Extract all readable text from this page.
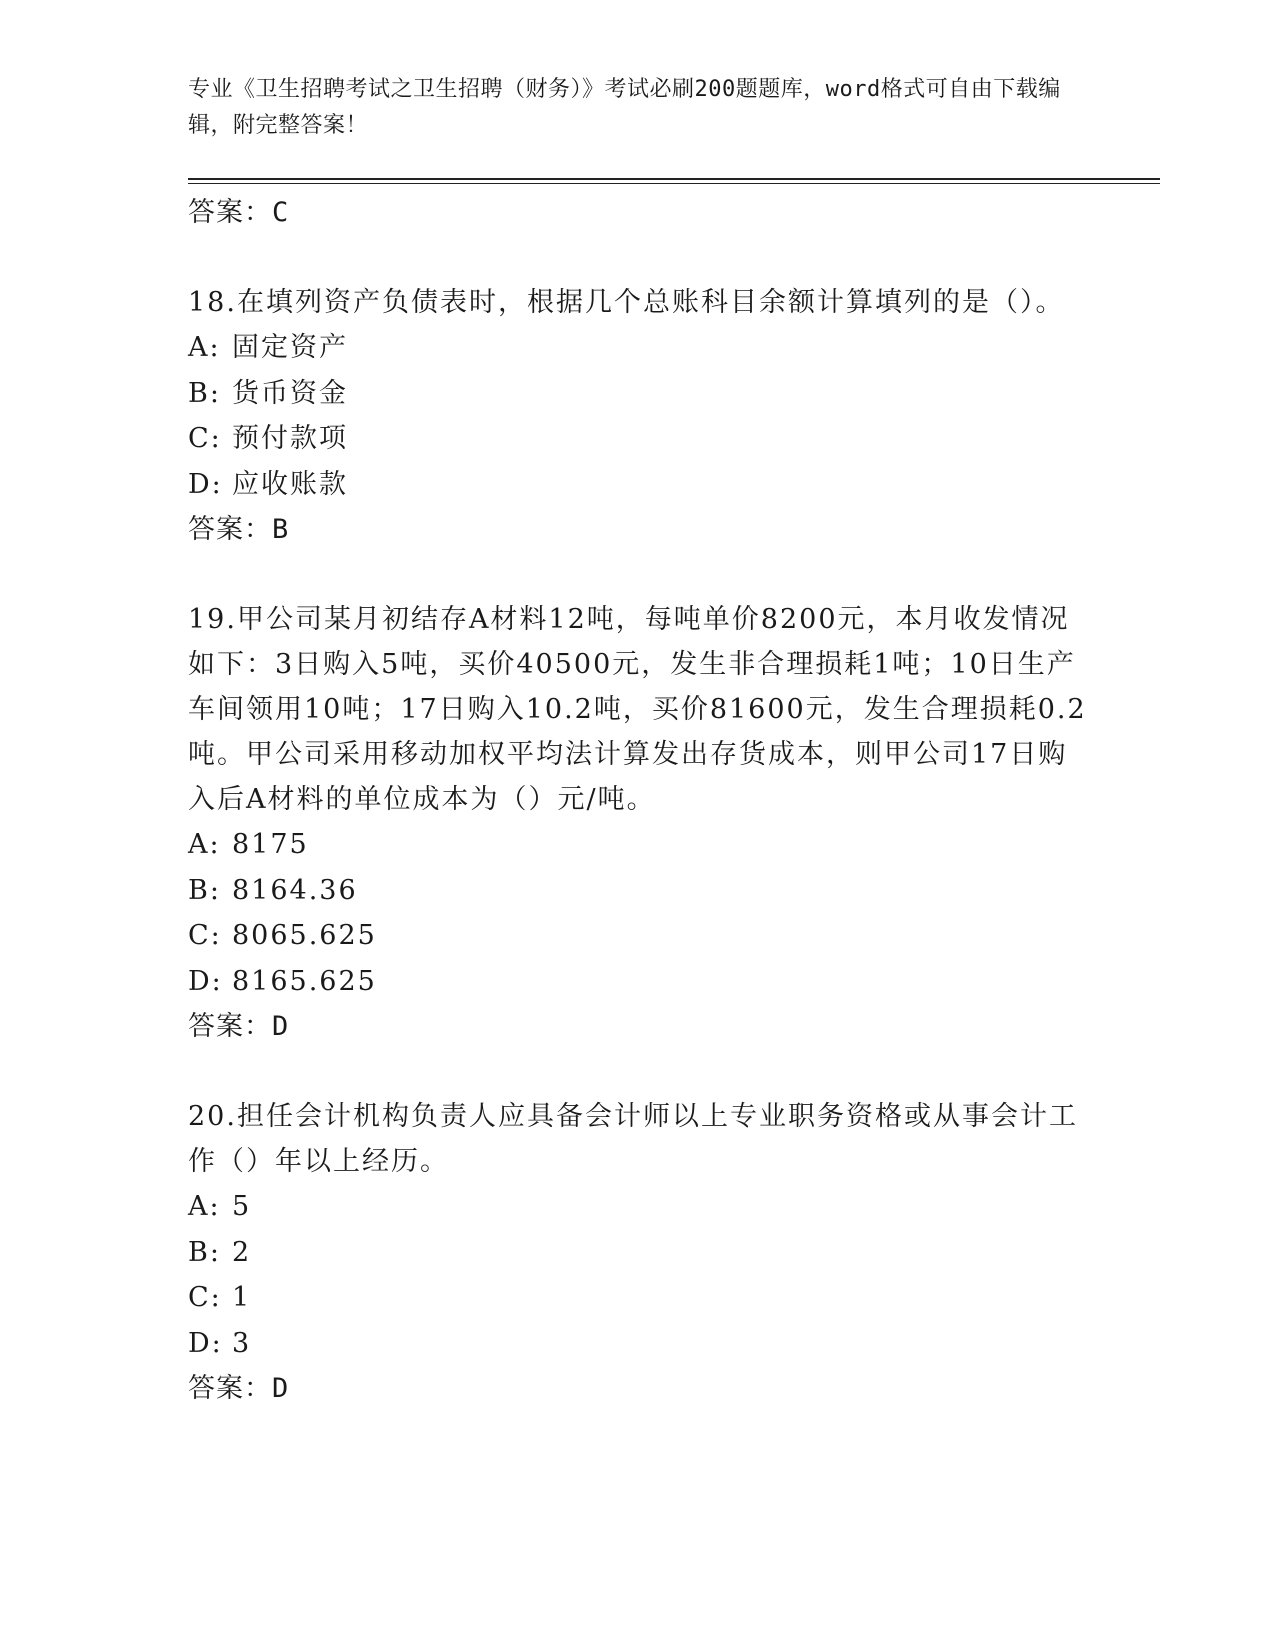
专业《卫生招聘考试之卫生招聘（财务）》考试必刷200题题库，word格式可自由下载编辑，附完整答案！
答案：C
18.在填列资产负债表时，根据几个总账科目余额计算填列的是（）。
A: 固定资产
B: 货币资金
C: 预付款项
D: 应收账款
答案：B
19.甲公司某月初结存A材料12吨，每吨单价8200元，本月收发情况如下：3日购入5吨，买价40500元，发生非合理损耗1吨；10日生产车间领用10吨；17日购入10.2吨，买价81600元，发生合理损耗0.2吨。甲公司采用移动加权平均法计算发出存货成本，则甲公司17日购入后A材料的单位成本为（）元/吨。
A: 8175
B: 8164.36
C: 8065.625
D: 8165.625
答案：D
20.担任会计机构负责人应具备会计师以上专业职务资格或从事会计工作（）年以上经历。
A: 5
B: 2
C: 1
D: 3
答案：D
